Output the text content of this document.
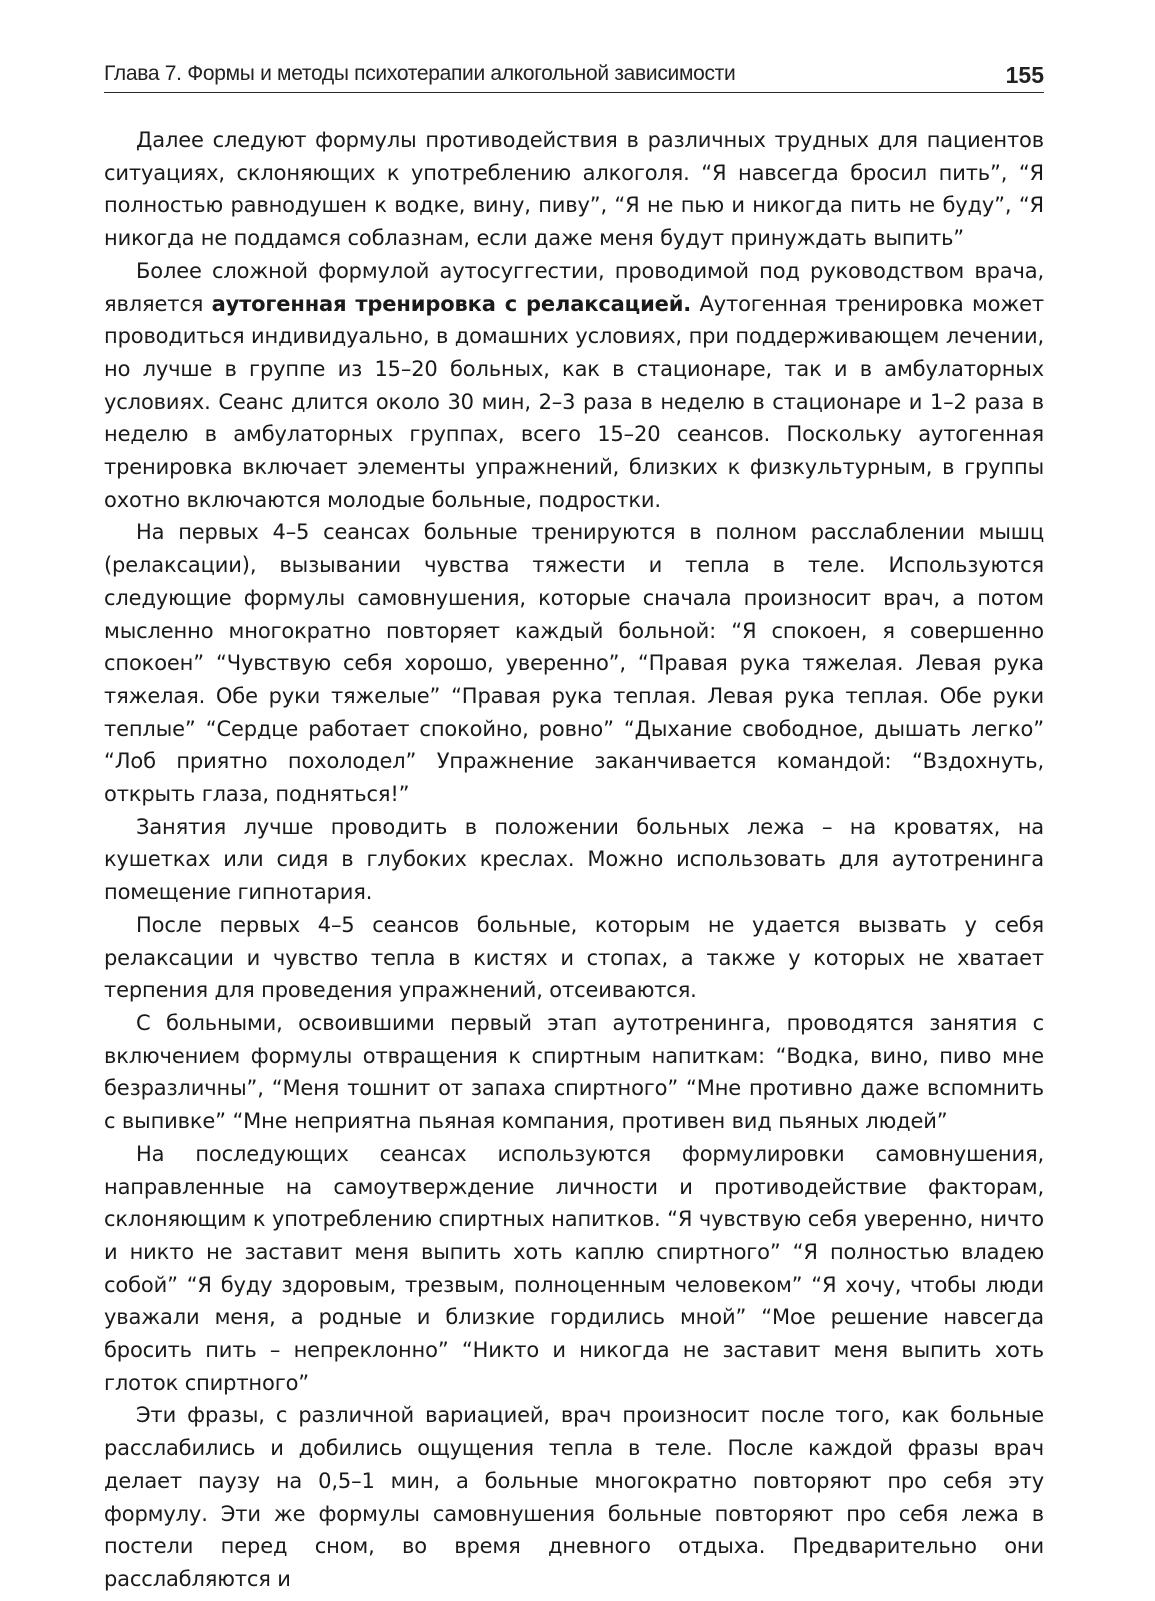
Глава 7. Формы и методы психотерапии алкогольной зависимости	155

Далее следуют формулы противодействия в различных трудных для пациентов ситуациях, склоняющих к употреблению алкоголя. “Я навсегда бросил пить”, “Я полностью равнодушен к водке, вину, пиву”, “Я не пью и никогда пить не буду”, “Я никогда не поддамся соблазнам, если даже меня будут принуждать выпить”

Более сложной формулой аутосуггестии, проводимой под руководством врача, является аутогенная тренировка с релаксацией. Аутогенная тренировка может проводиться индивидуально, в домашних условиях, при поддерживающем лечении, но лучше в группе из 15–20 больных, как в стационаре, так и в амбулаторных условиях. Сеанс длится около 30 мин, 2–3 раза в неделю в стационаре и 1–2 раза в неделю в амбулаторных группах, всего 15–20 сеансов. Поскольку аутогенная тренировка включает элементы упражнений, близких к физкультурным, в группы охотно включаются молодые больные, подростки.

На первых 4–5 сеансах больные тренируются в полном расслаблении мышц (релаксации), вызывании чувства тяжести и тепла в теле. Используются следующие формулы самовнушения, которые сначала произносит врач, а потом мысленно многократно повторяет каждый больной: “Я спокоен, я совершенно спокоен” “Чувствую себя хорошо, уверенно”, “Правая рука тяжелая. Левая рука тяжелая. Обе руки тяжелые” “Правая рука теплая. Левая рука теплая. Обе руки теплые” “Сердце работает спокойно, ровно” “Дыхание свободное, дышать легко” “Лоб приятно похолодел” Упражнение заканчивается командой: “Вздохнуть, открыть глаза, подняться!”

Занятия лучше проводить в положении больных лежа – на кроватях, на кушетках или сидя в глубоких креслах. Можно использовать для аутотренинга помещение гипнотария.

После первых 4–5 сеансов больные, которым не удается вызвать у себя релаксации и чувство тепла в кистях и стопах, а также у которых не хватает терпения для проведения упражнений, отсеиваются.

С больными, освоившими первый этап аутотренинга, проводятся занятия с включением формулы отвращения к спиртным напиткам: “Водка, вино, пиво мне безразличны”, “Меня тошнит от запаха спиртного” “Мне противно даже вспомнить с выпивке” “Мне неприятна пьяная компания, противен вид пьяных людей”

На последующих сеансах используются формулировки самовнушения, направленные на самоутверждение личности и противодействие факторам, склоняющим к употреблению спиртных напитков. “Я чувствую себя уверенно, ничто и никто не заставит меня выпить хоть каплю спиртного” “Я полностью владею собой” “Я буду здоровым, трезвым, полноценным человеком” “Я хочу, чтобы люди уважали меня, а родные и близкие гордились мной” “Мое решение навсегда бросить пить – непреклонно” “Никто и никогда не заставит меня выпить хоть глоток спиртного”

Эти фразы, с различной вариацией, врач произносит после того, как больные расслабились и добились ощущения тепла в теле. После каждой фразы врач делает паузу на 0,5–1 мин, а больные многократно повторяют про себя эту формулу. Эти же формулы самовнушения больные повторяют про себя лежа в постели перед сном, во время дневного отдыха. Предварительно они расслабляются и
